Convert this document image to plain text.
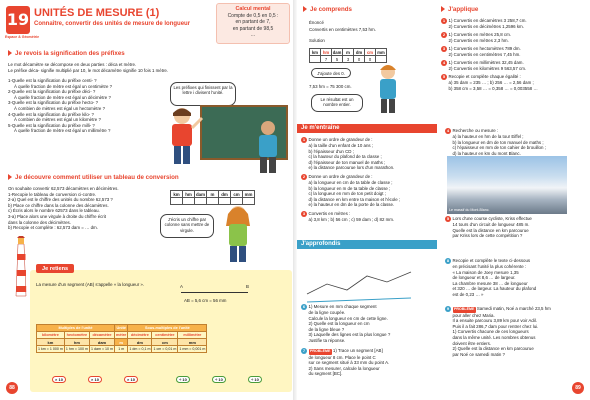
19
Espace & Géométrie
UNITÉS DE MESURE (1)
Connaître, convertir des unités de mesure de longueur
Calcul mental
Compte de 0,5 en 0,5 :
en partant de 7,
en partant de 98,5
...
Je revois la signification des préfixes
Le mot décamètre se décompose en deux parties : déca et mètre.
Le préfixe déca- signifie multiplié par 10, le mot décamètre signifie 10 fois 1 mètre.
1-Quelle est la signification du préfixe centi- ?
À quelle fraction de mètre est égal un centimètre ?
2-Quelle est la signification du préfixe déci- ?
À quelle fraction de mètre est égal un décimètre ?
3-Quelle est la signification du préfixe hecto- ?
À combien de mètres est égal un hectomètre ?
4-Quelle est la signification du préfixe kilo- ?
À combien de mètres est égal un kilomètre ?
5-Quelle est la signification du préfixe milli- ?
À quelle fraction de mètre est égal un millimètre ?
Les préfixes qui finissent par la lettre i divisent l'unité.
Je découvre comment utiliser un tableau de conversion
On souhaite convertir 62,573 décamètres en décimètres.
1-Recopie le tableau de conversion ci-contre.
2-a) Quel est le chiffre des unités du nombre 62,573 ?
b) Place ce chiffre dans la colonne des décamètres.
c) Écris alors le nombre 62573 dans le tableau.
3-a) Place alors une virgule à droite du chiffre écrit
dans la colonne des décimètres.
b) Recopie et complète : 62,573 dam = … dm.
km	hm	dam	m	dm	cm	mm

J'écris un chiffre par colonne sans mettre de virgule.
Je retiens
La mesure d'un segment (AB) s'appelle « la longueur ».	A	B
AB = 5,6 cm = 56 mm
Multiples de l'unité			Unité	Sous-multiples de l'unité		
kilomètre	hectomètre	décamètre	mètre	décimètre	centimètre	millimètre
km	hm	dam	m	dm	cm	mm
1 km = 1 000 m	1 hm = 100 m	1 dam = 10 m	1 m	1 dm = 0,1 m	1 cm = 0,01 m	1 mm = 0,001 m
× 10	× 10	× 10	÷ 10	÷ 10	÷ 10
88
Je comprends
Énoncé
Convertis en centimètres 7,53 hm.
Solution
km	hm	dam	m	dm	cm	mm
	7	5	3	0	0	
J'ajoute des 0.
7,53 hm = 75 300 cm.
Le résultat est un nombre entier.
J'applique
1 1) Convertis en décamètres 3 258,7 cm.
2) Convertis en décimètres 1,2596 km.
2 1) Convertis en mètres 25,8 cm.
2) Convertis en mètres 2,3 hm.
3 1) Convertis en hectomètres 789 dm.
2) Convertis en centimètres 7,45 hm.
4 1) Convertis en millimètres 32,45 dam.
2) Convertis en kilomètres 9 563,57 cm.
5 Recopie et complète chaque égalité :
a) 35 dam = 235 … ; b) 256 … = 2,56 dam ;
b) 358 cm = 3,58 … = 0,358 … = 0,003558 …
Je m'entraîne
1 Donne un ordre de grandeur de :
a) la taille d'un enfant de 10 ans ;
b) l'épaisseur d'un CD ;
c) la hauteur du plafond de ta classe ;
d) l'épaisseur de ton manuel de maths ;
e) la distance parcourue lors d'un marathon.
2 Donne un ordre de grandeur de :
a) la longueur en cm de ta table de classe ;
b) la longueur en m de ta table de classe ;
c) la longueur en mm de ton petit doigt ;
d) la distance en km entre ta maison et l'école ;
e) la hauteur en dm de la porte de la classe.
3 Convertis en mètres :
a) 3,8 km ; b) 56 cm ; c) 59 dam ; d) 82 mm.
4 Recherche ou mesure :
a) la hauteur en hm de la tour Eiffel ;
b) la longueur en dm de ton manuel de maths ;
c) l'épaisseur en mm de ton cahier de brouillon ;
d) la hauteur en km du mont Blanc.
Le massif du Mont-Blanc.
5 Lors d'une course cycliste, Kriss effectue
14 tours d'un circuit de longueur 485 m.
Quelle est la distance en km parcourue
par Kriss lors de cette compétition ?
J'approfondis
6 1) Mesure en mm chaque segment
de la ligne coupée.
Calcule la longueur en cm de cette ligne.
2) Quelle est la longueur en cm
de la ligne bleue ?
3) Laquelle des lignes est la plus longue ?
Justifie ta réponse.
7 PROBLÈME 1) Trace un segment [AB]
de longueur 8 cm. Place le point C
sur ce segment situé à 33 mm du point A.
2) Sans mesurer, calcule la longueur
du segment [BC].
8 Recopie et complète le texte ci-dessous
en précisant l'unité la plus cohérente :
« La maison de Joey mesure 1,35
de longueur et 8,6 … de largeur.
La chambre mesure 38 … de longueur
et 320 … de largeur. La hauteur du plafond
est de 0,23 … »
9 PROBLÈME Samedi matin, Noé a marché 23,5 hm
pour aller chez Maria.
Il a ensuite parcouru 3,89 km pour voir Adil.
Puis il a fait 286,7 dam pour rentrer chez lui.
1) Convertis chacune de ces longueurs
dans la même unité. Les nombres obtenus
doivent être entiers.
2) Quelle est la distance en km parcourue
par Noé ce samedi matin ?
89
